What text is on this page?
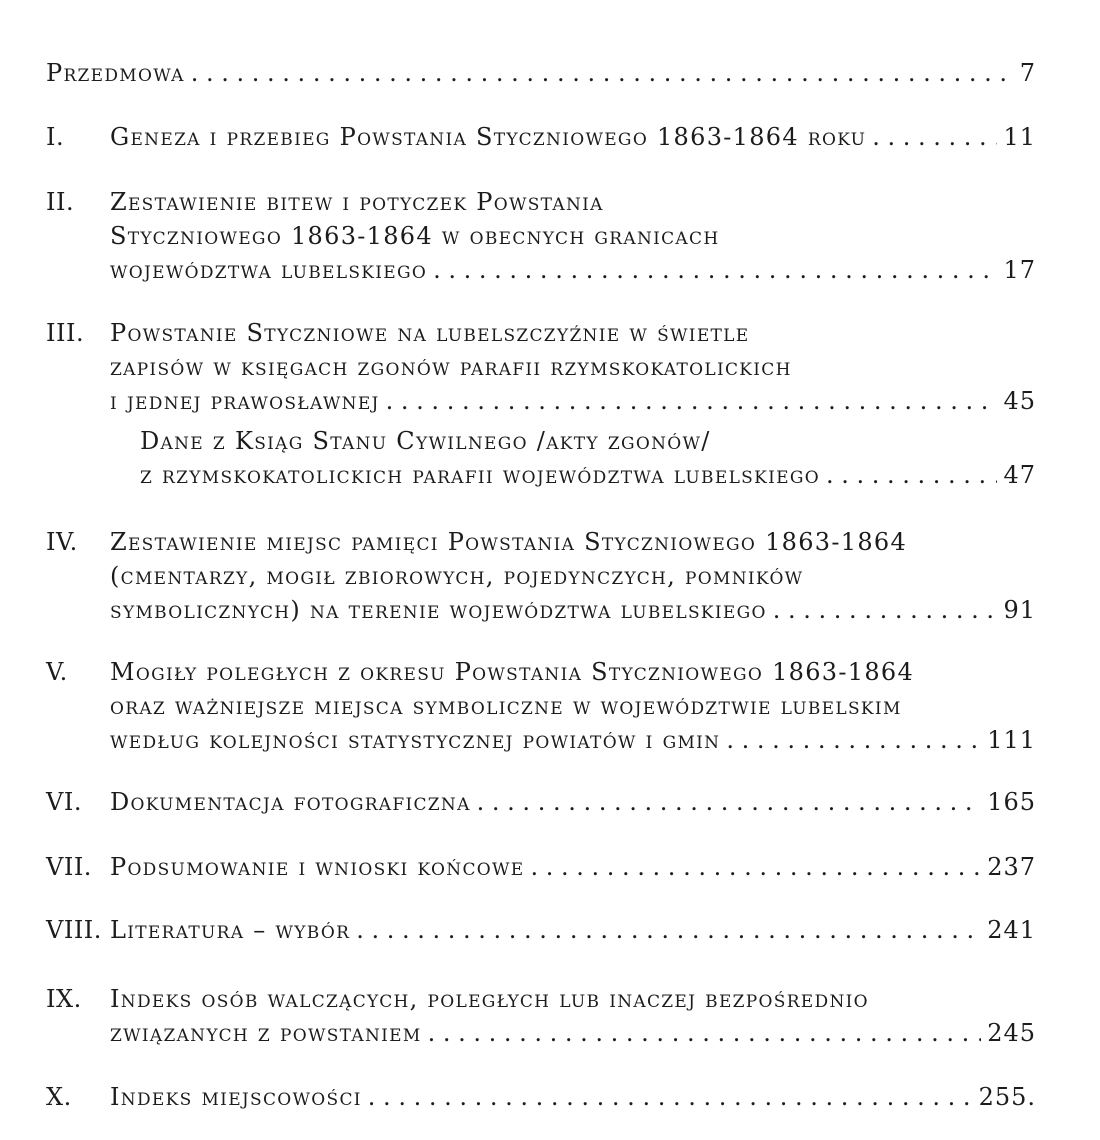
Przedmowa . . .	7
I. Geneza i przebieg Powstania Styczniowego 1863-1864 roku . . .	11
II. Zestawienie bitew i potyczek Powstania
Styczniowego 1863-1864 w obecnych granicach
województwa lubelskiego . . .	17
III. Powstanie Styczniowe na lubelszczyźnie w świetle
zapisów w księgach zgonów parafii rzymskokatolickich
i jednej prawosławnej . . .	45
Dane z Ksiąg Stanu Cywilnego /akty zgonów/
z rzymskokatolickich parafii województwa lubelskiego . . .	47
IV. Zestawienie miejsc pamięci Powstania Styczniowego 1863-1864
(cmentarzy, mogił zbiorowych, pojedynczych, pomników
symbolicznych) na terenie województwa lubelskiego . . .	91
V. Mogiły poległych z okresu Powstania Styczniowego 1863-1864
oraz ważniejsze miejsca symboliczne w województwie lubelskim
według kolejności statystycznej powiatów i gmin . . .	111
VI. Dokumentacja fotograficzna . . .	165
VII. Podsumowanie i wnioski końcowe . . .	237
VIII. Literatura – wybór . . .	241
IX. Indeks osób walczących, poległych lub inaczej bezpośrednio
związanych z powstaniem . . .	245
X. Indeks miejscowości . . .	255.
